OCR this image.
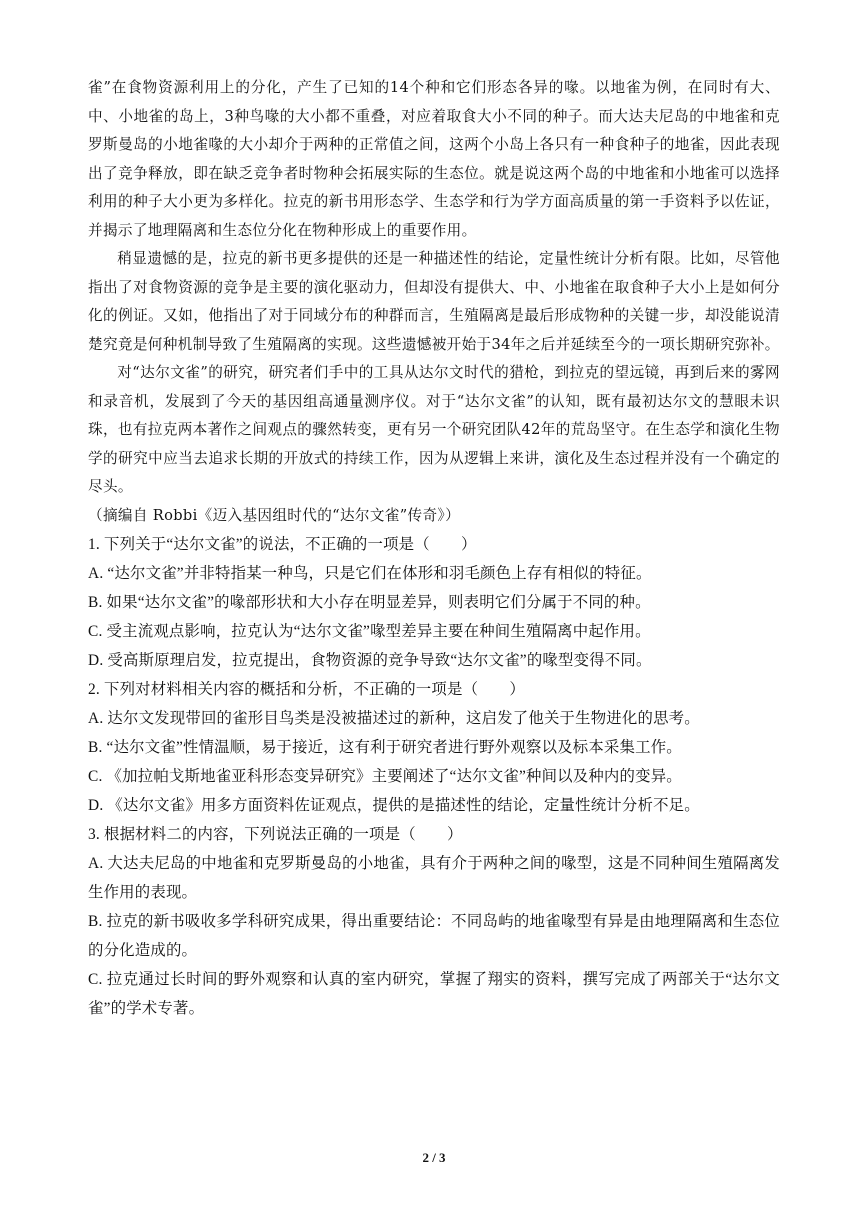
雀”在食物资源利用上的分化，产生了已知的14个种和它们形态各异的喙。以地雀为例，在同时有大、中、小地雀的岛上，3种鸟喙的大小都不重叠，对应着取食大小不同的种子。而大达夫尼岛的中地雀和克罗斯曼岛的小地雀喙的大小却介于两种的正常值之间，这两个小岛上各只有一种食种子的地雀，因此表现出了竞争释放，即在缺乏竞争者时物种会拓展实际的生态位。就是说这两个岛的中地雀和小地雀可以选择利用的种子大小更为多样化。拉克的新书用形态学、生态学和行为学方面高质量的第一手资料予以佐证，并揭示了地理隔离和生态位分化在物种形成上的重要作用。

稍显遗憾的是，拉克的新书更多提供的还是一种描述性的结论，定量性统计分析有限。比如，尽管他指出了对食物资源的竞争是主要的演化驱动力，但却没有提供大、中、小地雀在取食种子大小上是如何分化的例证。又如，他指出了对于同域分布的种群而言，生殖隔离是最后形成物种的关键一步，却没能说清楚究竟是何种机制导致了生殖隔离的实现。这些遗憾被开始于34年之后并延续至今的一项长期研究弥补。

对“达尔文雀”的研究，研究者们手中的工具从达尔文时代的猎枪，到拉克的望远镜，再到后来的雾网和录音机，发展到了今天的基因组高通量测序仪。对于“达尔文雀”的认知，既有最初达尔文的慧眼未识珠，也有拉克两本著作之间观点的骤然转变，更有另一个研究团队42年的荒岛坚守。在生态学和演化生物学的研究中应当去追求长期的开放式的持续工作，因为从逻辑上来讲，演化及生态过程并没有一个确定的尽头。

（摘编自 Robbi《迈入基因组时代的“达尔文雀”传奇》）

1. 下列关于“达尔文雀”的说法，不正确的一项是（　　）

A. “达尔文雀”并非特指某一种鸟，只是它们在体形和羽毛颜色上存有相似的特征。

B. 如果“达尔文雀”的喙部形状和大小存在明显差异，则表明它们分属于不同的种。

C. 受主流观点影响，拉克认为“达尔文雀”喙型差异主要在种间生殖隔离中起作用。

D. 受高斯原理启发，拉克提出，食物资源的竞争导致“达尔文雀”的喙型变得不同。

2. 下列对材料相关内容的概括和分析，不正确的一项是（　　）

A. 达尔文发现带回的雀形目鸟类是没被描述过的新种，这启发了他关于生物进化的思考。

B. “达尔文雀”性情温顺，易于接近，这有利于研究者进行野外观察以及标本采集工作。

C. 《加拉帕戈斯地雀亚科形态变异研究》主要阐述了“达尔文雀”种间以及种内的变异。

D. 《达尔文雀》用多方面资料佐证观点，提供的是描述性的结论，定量性统计分析不足。

3. 根据材料二的内容，下列说法正确的一项是（　　）

A. 大达夫尼岛的中地雀和克罗斯曼岛的小地雀，具有介于两种之间的喙型，这是不同种间生殖隔离发生作用的表现。

B. 拉克的新书吸收多学科研究成果，得出重要结论：不同岛屿的地雀喙型有异是由地理隔离和生态位的分化造成的。

C. 拉克通过长时间的野外观察和认真的室内研究，掌握了翔实的资料，撰写完成了两部关于“达尔文雀”的学术专著。

2 / 3
